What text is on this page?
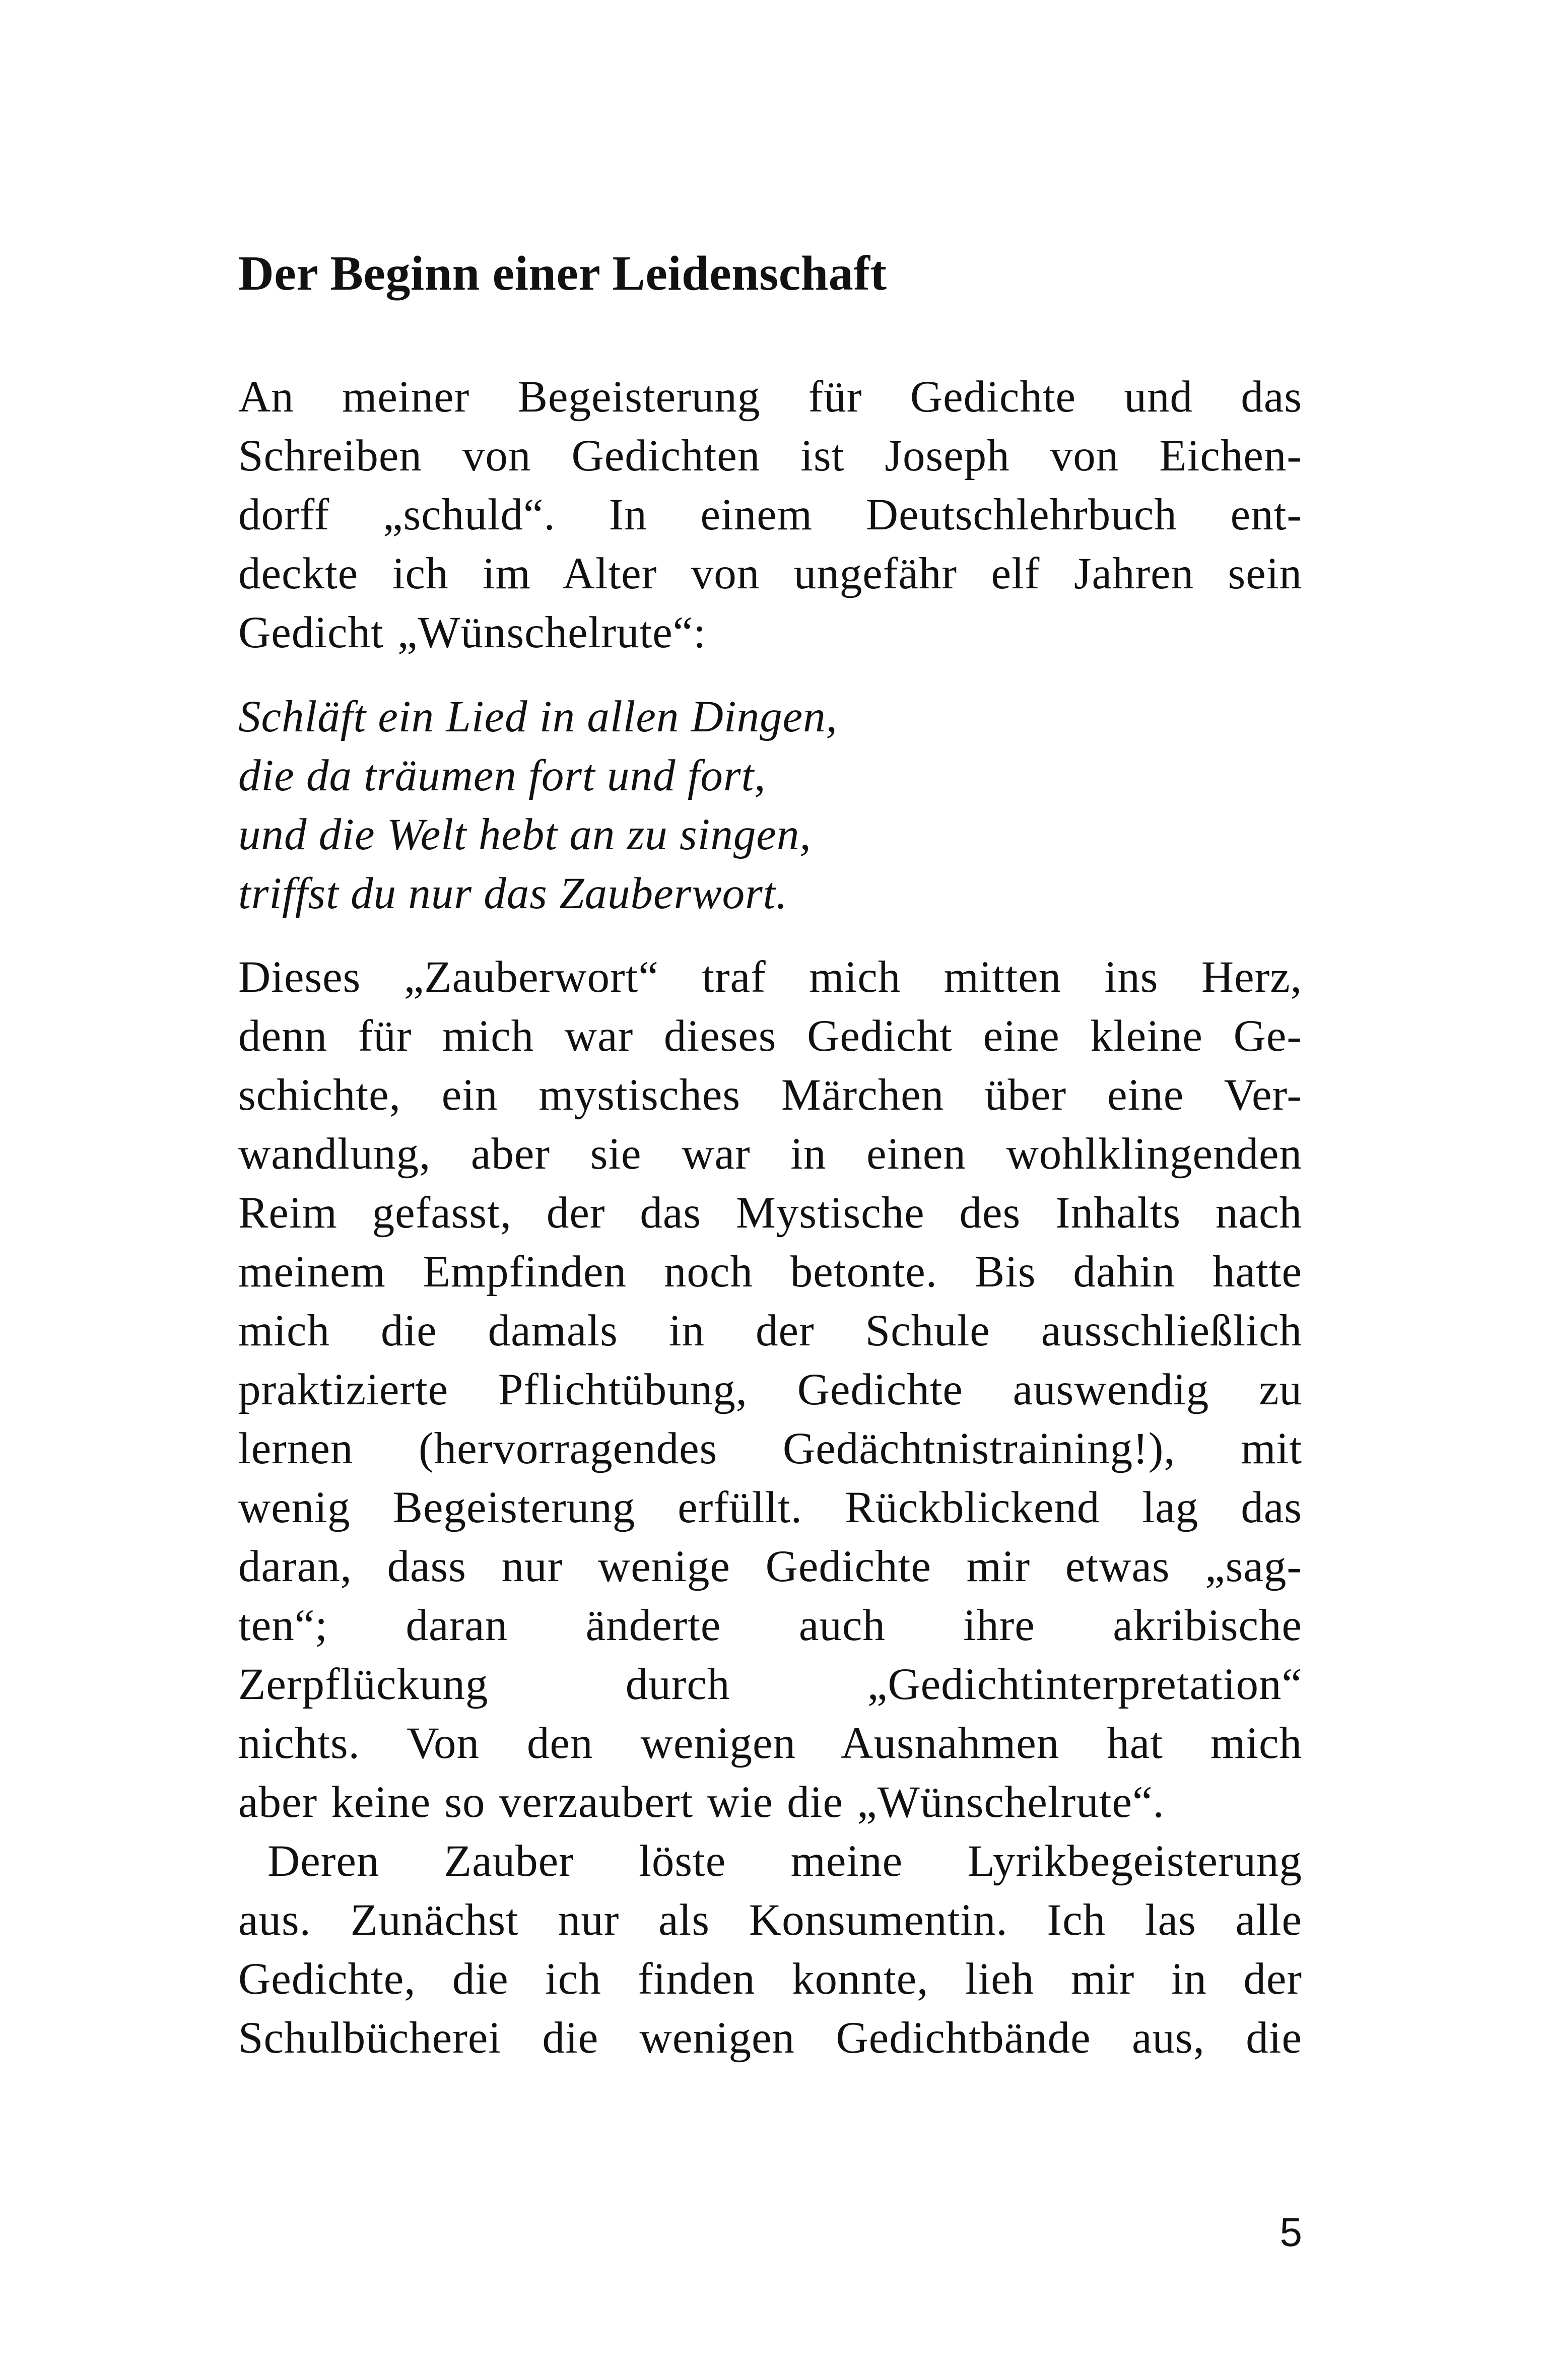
Der Beginn einer Leidenschaft
An meiner Begeisterung für Gedichte und das
Schreiben von Gedichten ist Joseph von Eichen-
dorff „schuld“. In einem Deutschlehrbuch ent-
deckte ich im Alter von ungefähr elf Jahren sein
Gedicht „Wünschelrute“:
Schläft ein Lied in allen Dingen,
die da träumen fort und fort,
und die Welt hebt an zu singen,
triffst du nur das Zauberwort.
Dieses „Zauberwort“ traf mich mitten ins Herz,
denn für mich war dieses Gedicht eine kleine Ge-
schichte, ein mystisches Märchen über eine Ver-
wandlung, aber sie war in einen wohlklingenden
Reim gefasst, der das Mystische des Inhalts nach
meinem Empfinden noch betonte. Bis dahin hatte
mich die damals in der Schule ausschließlich
praktizierte Pflichtübung, Gedichte auswendig zu
lernen (hervorragendes Gedächtnistraining!), mit
wenig Begeisterung erfüllt. Rückblickend lag das
daran, dass nur wenige Gedichte mir etwas „sag-
ten“; daran änderte auch ihre akribische
Zerpflückung durch „Gedichtinterpretation“
nichts. Von den wenigen Ausnahmen hat mich
aber keine so verzaubert wie die „Wünschelrute“.
Deren Zauber löste meine Lyrikbegeisterung
aus. Zunächst nur als Konsumentin. Ich las alle
Gedichte, die ich finden konnte, lieh mir in der
Schulbücherei die wenigen Gedichtbände aus, die
5
